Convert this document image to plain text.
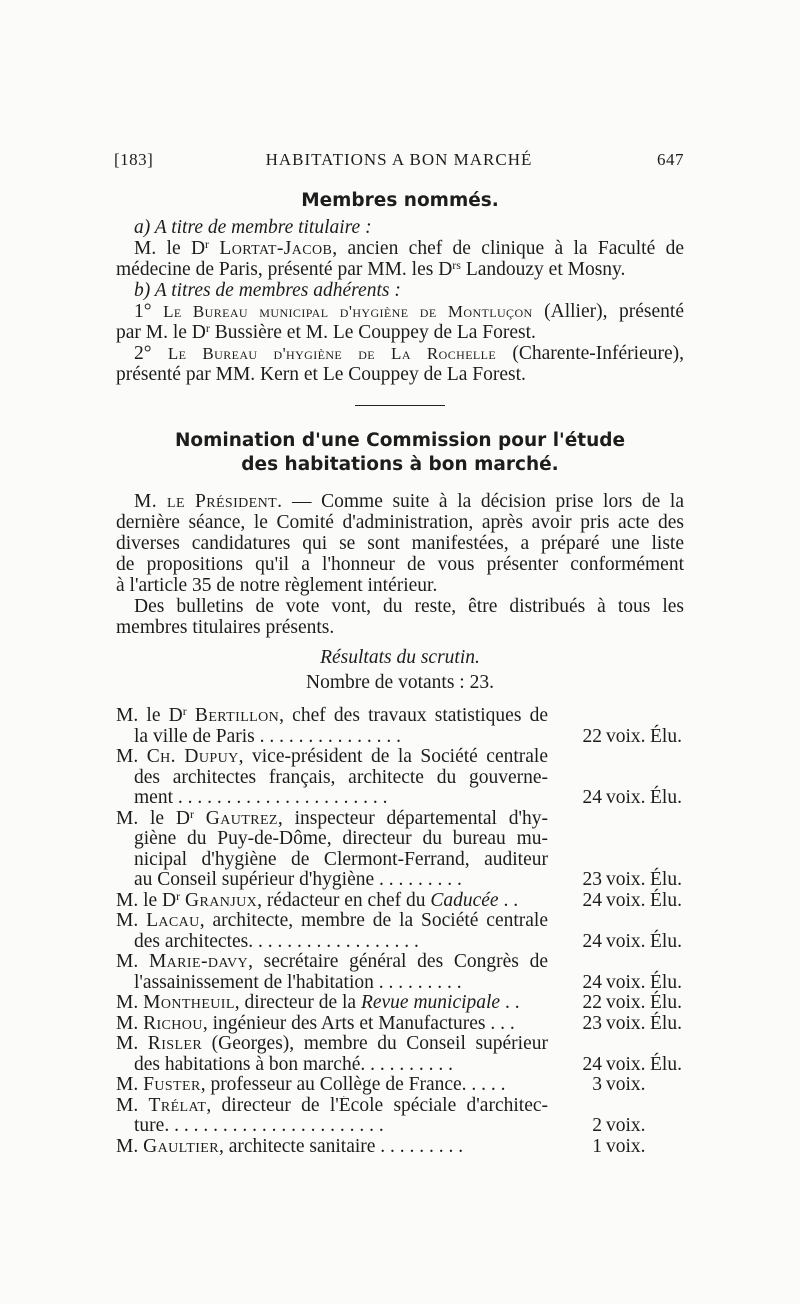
[183]	HABITATIONS A BON MARCHÉ	647
Membres nommés.
a) A titre de membre titulaire :
M. le $D^r$ Lortat-Jacob, ancien chef de clinique à la Faculté de
médecine de Paris, présenté par MM. les $D^{rs}$ Landouzy et Mosny.
b) A titres de membres adhérents :
1° Le Bureau municipal d'hygiène de Montluçon (Allier), présenté
par M. le $D^r$ Bussière et M. Le Couppey de La Forest.
2° Le Bureau d'hygiène de La Rochelle (Charente-Inférieure),
présenté par MM. Kern et Le Couppey de La Forest.
Nomination d'une Commission pour l'étude
des habitations à bon marché.
M. le Président. — Comme suite à la décision prise lors de la
dernière séance, le Comité d'administration, après avoir pris acte des
diverses candidatures qui se sont manifestées, a préparé une liste
de propositions qu'il a l'honneur de vous présenter conformément
à l'article 35 de notre règlement intérieur.
Des bulletins de vote vont, du reste, être distribués à tous les
membres titulaires présents.
Résultats du scrutin.
Nombre de votants : 23.
M. le $D^r$ Bertillon, chef des travaux statistiques de
la ville de Paris . . . . . . . . . . . . . . .	22 voix. Élu.
M. Ch. Dupuy, vice-président de la Société centrale
des architectes français, architecte du gouverne-
ment . . . . . . . . . . . . . . . . . . . . . .	24 voix. Élu.
M. le $D^r$ Gautrez, inspecteur départemental d'hy-
giène du Puy-de-Dôme, directeur du bureau mu-
nicipal d'hygiène de Clermont-Ferrand, auditeur
au Conseil supérieur d'hygiène . . . . . . . . .	23 voix. Élu.
M. le $D^r$ Granjux, rédacteur en chef du Caducée . .	24 voix. Élu.
M. Lacau, architecte, membre de la Société centrale
des architectes. . . . . . . . . . . . . . . . . .	24 voix. Élu.
M. Marie-davy, secrétaire général des Congrès de
l'assainissement de l'habitation . . . . . . . . .	24 voix. Élu.
M. Montheuil, directeur de la Revue municipale . .	22 voix. Élu.
M. Richou, ingénieur des Arts et Manufactures . . .	23 voix. Élu.
M. Risler (Georges), membre du Conseil supérieur
des habitations à bon marché. . . . . . . . . .	24 voix. Élu.
M. Fuster, professeur au Collège de France. . . . .	3 voix.
M. Trélat, directeur de l'École spéciale d'architec-
ture. . . . . . . . . . . . . . . . . . . . . . .	2 voix.
M. Gaultier, architecte sanitaire . . . . . . . . .	1 voix.
